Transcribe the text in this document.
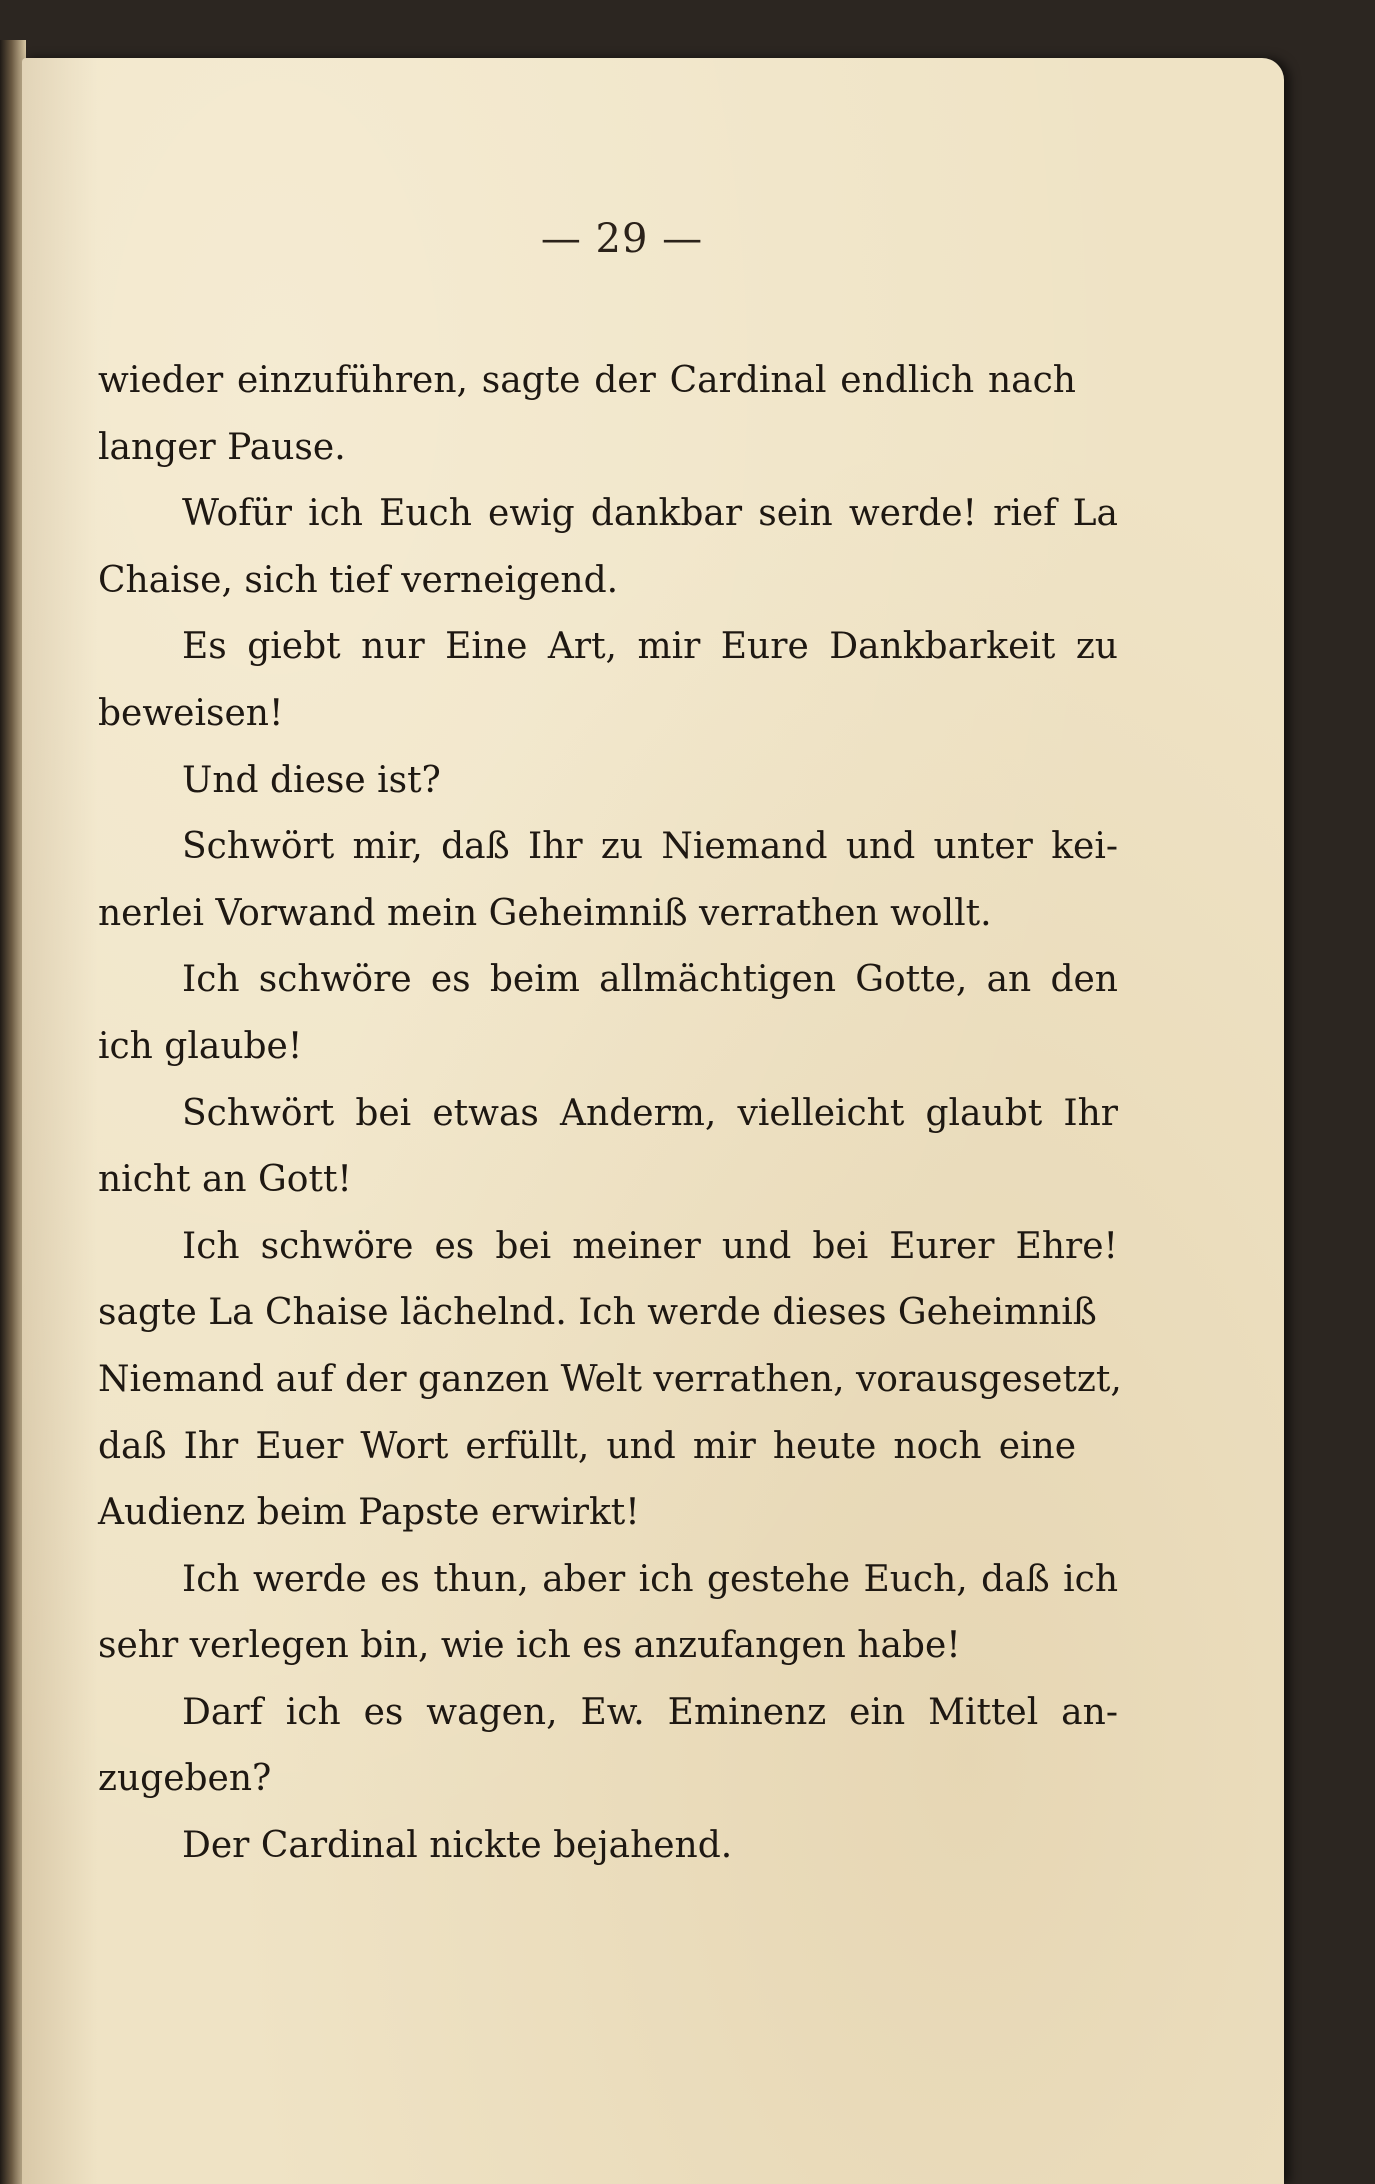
— 29 —

wieder einzuführen, sagte der Cardinal endlich nach
langer Pause.

Wofür ich Euch ewig dankbar sein werde! rief La
Chaise, sich tief verneigend.

Es giebt nur Eine Art, mir Eure Dankbarkeit zu
beweisen!

Und diese ist?

Schwört mir, daß Ihr zu Niemand und unter kei-
nerlei Vorwand mein Geheimniß verrathen wollt.

Ich schwöre es beim allmächtigen Gotte, an den
ich glaube!

Schwört bei etwas Anderm, vielleicht glaubt Ihr
nicht an Gott!

Ich schwöre es bei meiner und bei Eurer Ehre!
sagte La Chaise lächelnd. Ich werde dieses Geheimniß
Niemand auf der ganzen Welt verrathen, vorausgesetzt,
daß Ihr Euer Wort erfüllt, und mir heute noch eine
Audienz beim Papste erwirkt!

Ich werde es thun, aber ich gestehe Euch, daß ich
sehr verlegen bin, wie ich es anzufangen habe!

Darf ich es wagen, Ew. Eminenz ein Mittel an-
zugeben?

Der Cardinal nickte bejahend.
